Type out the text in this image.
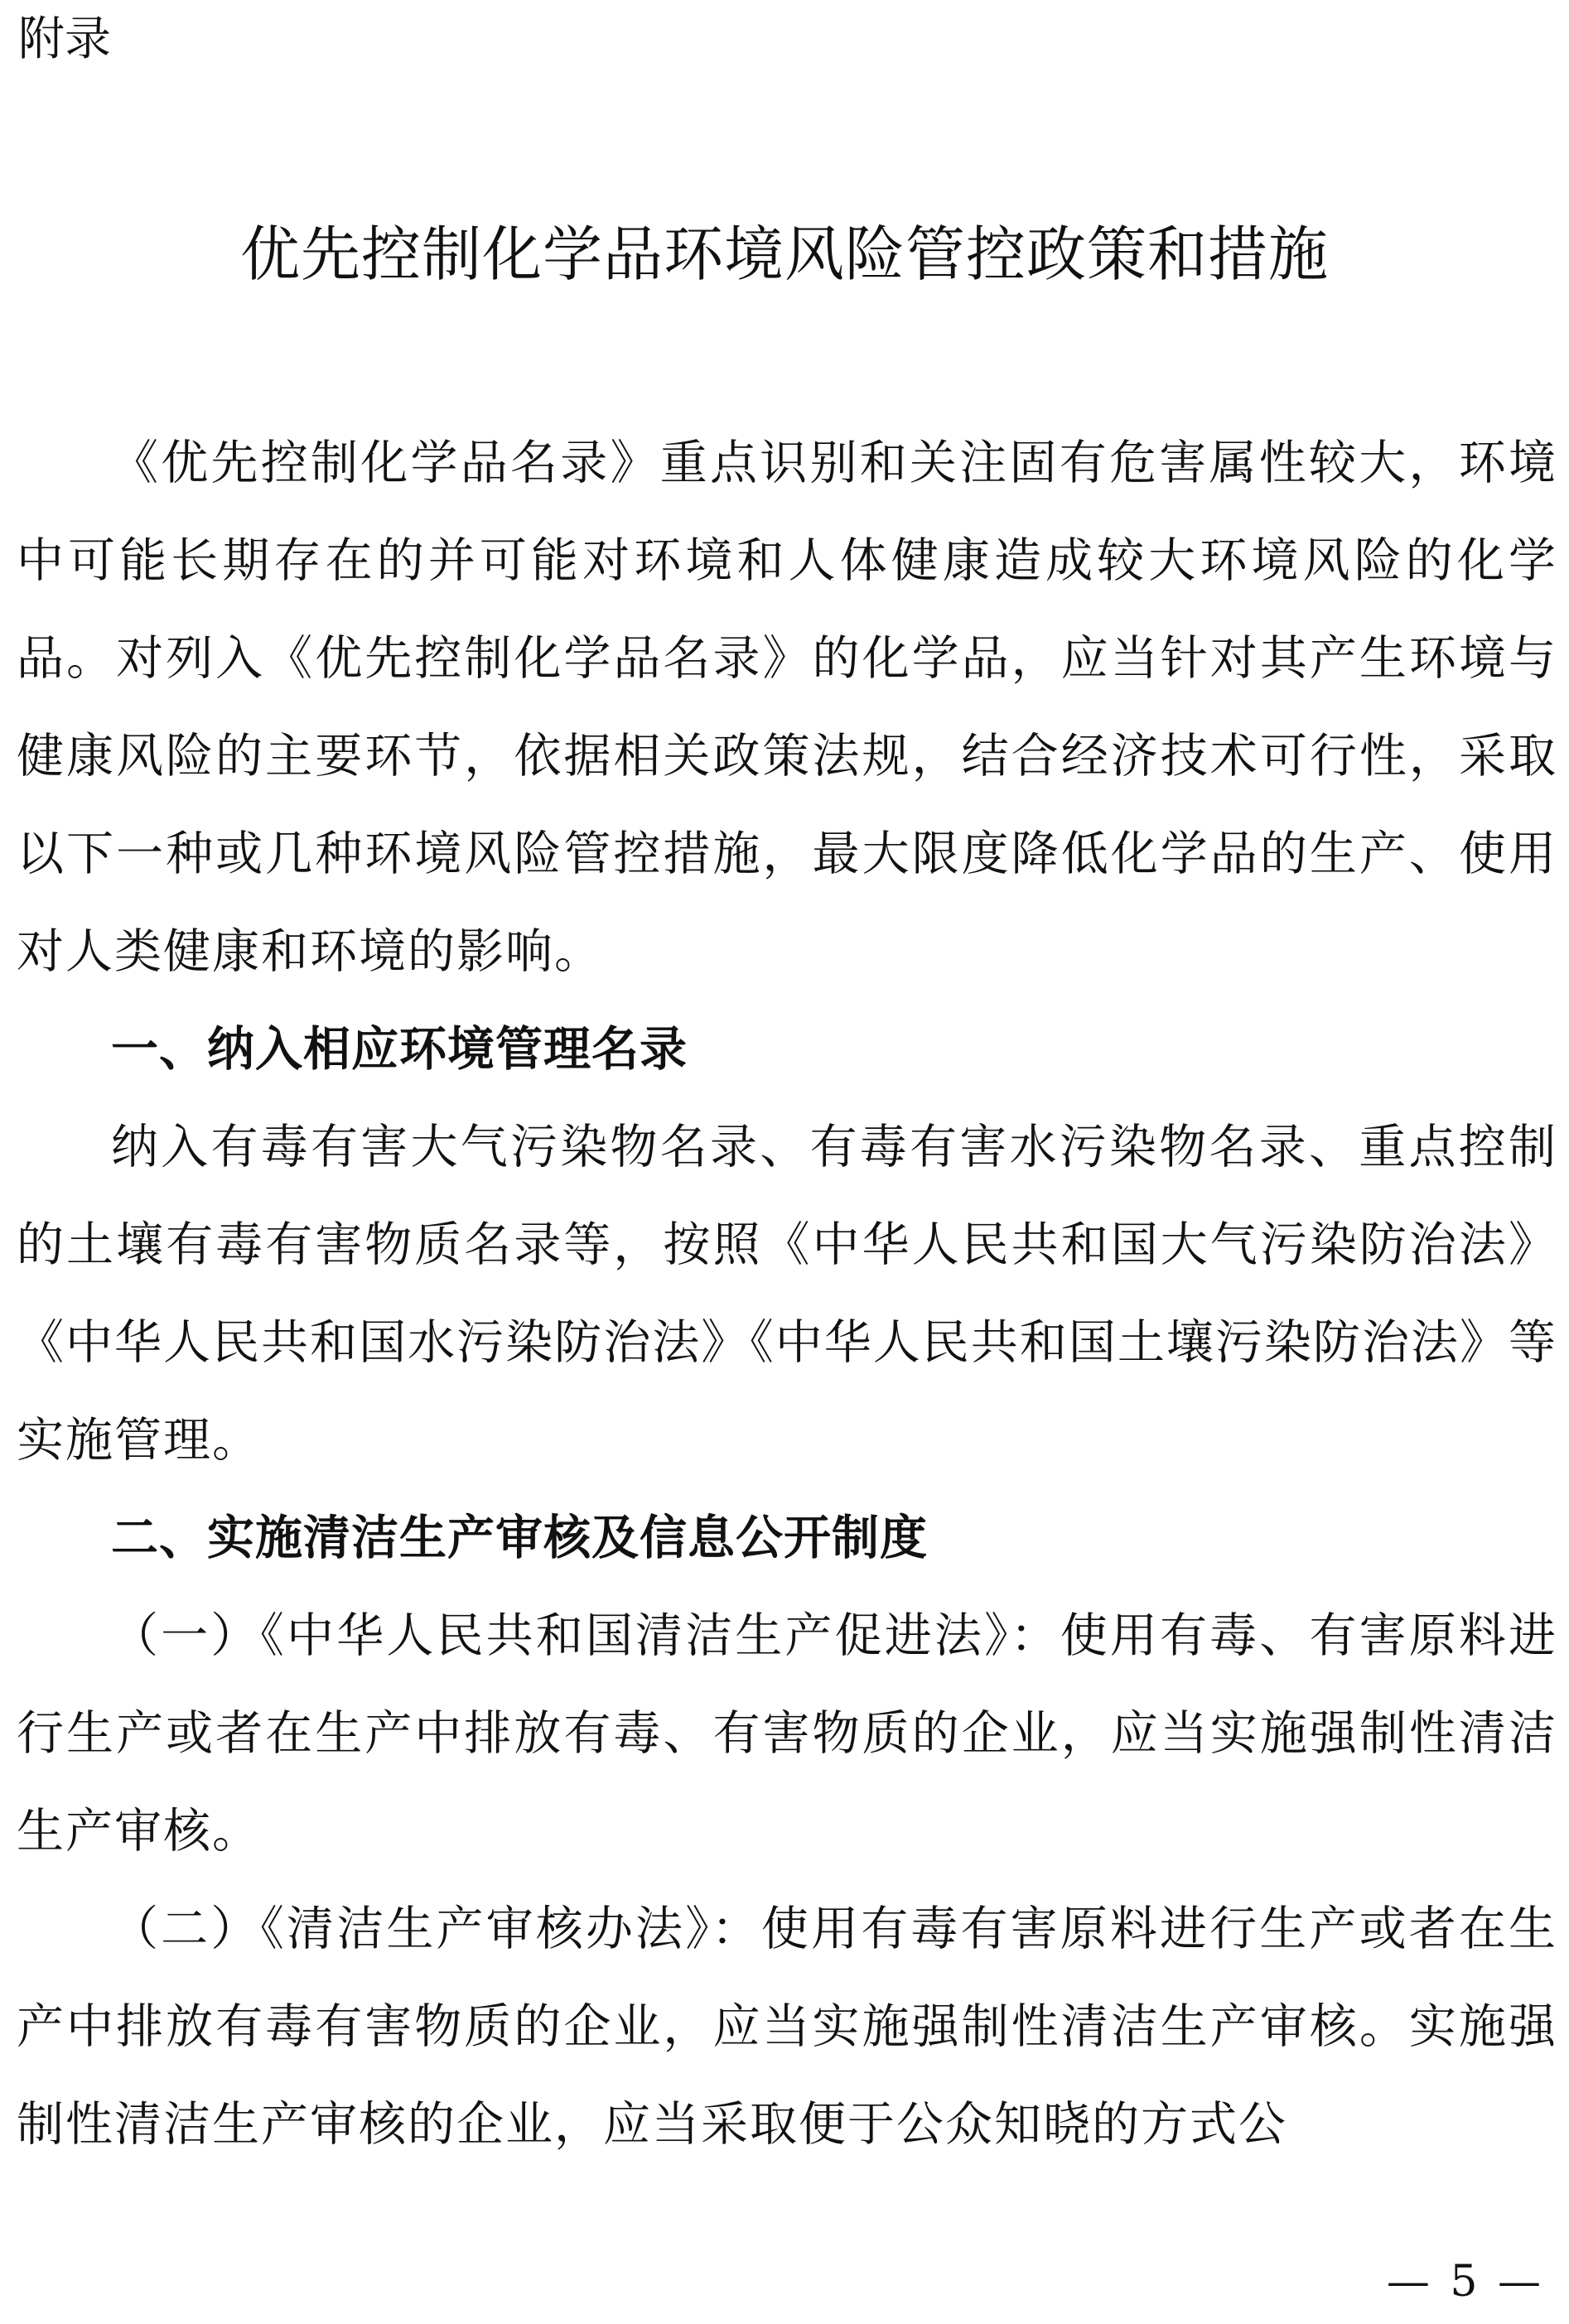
附录
优先控制化学品环境风险管控政策和措施

《优先控制化学品名录》重点识别和关注固有危害属性较大，环境中可能长期存在的并可能对环境和人体健康造成较大环境风险的化学品。对列入《优先控制化学品名录》的化学品，应当针对其产生环境与健康风险的主要环节，依据相关政策法规，结合经济技术可行性，采取以下一种或几种环境风险管控措施，最大限度降低化学品的生产、使用对人类健康和环境的影响。

一、纳入相应环境管理名录

纳入有毒有害大气污染物名录、有毒有害水污染物名录、重点控制的土壤有毒有害物质名录等，按照《中华人民共和国大气污染防治法》《中华人民共和国水污染防治法》《中华人民共和国土壤污染防治法》等实施管理。

二、实施清洁生产审核及信息公开制度

（一）《中华人民共和国清洁生产促进法》：使用有毒、有害原料进行生产或者在生产中排放有毒、有害物质的企业，应当实施强制性清洁生产审核。

（二）《清洁生产审核办法》：使用有毒有害原料进行生产或者在生产中排放有毒有害物质的企业，应当实施强制性清洁生产审核。实施强制性清洁生产审核的企业，应当采取便于公众知晓的方式公

— 5 —
